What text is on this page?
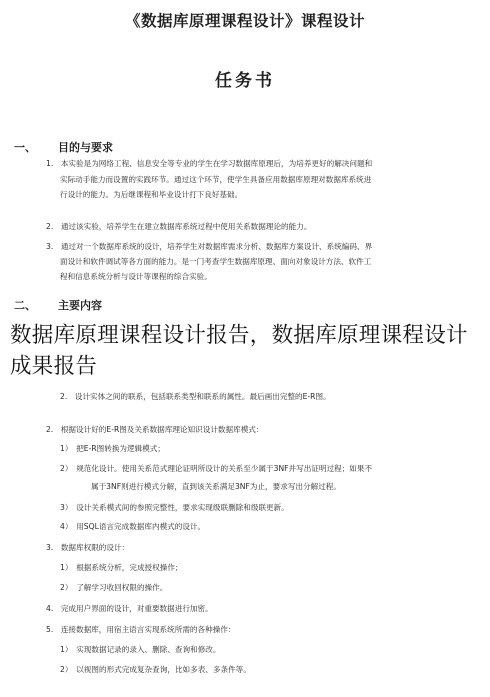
《数据库原理课程设计》课程设计
任务书
一、 目的与要求
1.　本实验是为网络工程、信息安全等专业的学生在学习数据库原理后，为培养更好的解决问题和
实际动手能力而设置的实践环节。通过这个环节，使学生具备应用数据库原理对数据库系统进
行设计的能力。为后继课程和毕业设计打下良好基础。
2.　通过该实验，培养学生在建立数据库系统过程中使用关系数据理论的能力。
3.　通过对一个数据库系统的设计，培养学生对数据库需求分析、数据库方案设计、系统编码、界
面设计和软件调试等各方面的能力。是一门考查学生数据库原理、面向对象设计方法、软件工
程和信息系统分析与设计等课程的综合实验。
二、 主要内容
2.　设计实体之间的联系，包括联系类型和联系的属性。最后画出完整的E-R图。
2.　根据设计好的E-R图及关系数据库理论知识设计数据库模式：
1）　把E-R图转换为逻辑模式；
2）　规范化设计。使用关系范式理论证明所设计的关系至少属于3NF并写出证明过程；如果不
属于3NF则进行模式分解，直到该关系满足3NF为止，要求写出分解过程。
3）　设计关系模式间的参照完整性，要求实现级联删除和级联更新。
4）　用SQL语言完成数据库内模式的设计。
3.　数据库权限的设计：
1）　根据系统分析，完成授权操作；
2）　了解学习收回权限的操作。
4.　完成用户界面的设计，对重要数据进行加密。
5.　连接数据库，用宿主语言实现系统所需的各种操作：
1）　实现数据记录的录入、删除、查询和修改。
2）　以视图的形式完成复杂查询，比如多表、多条件等。
数据库原理课程设计报告，数据库原理课程设计成果报告
